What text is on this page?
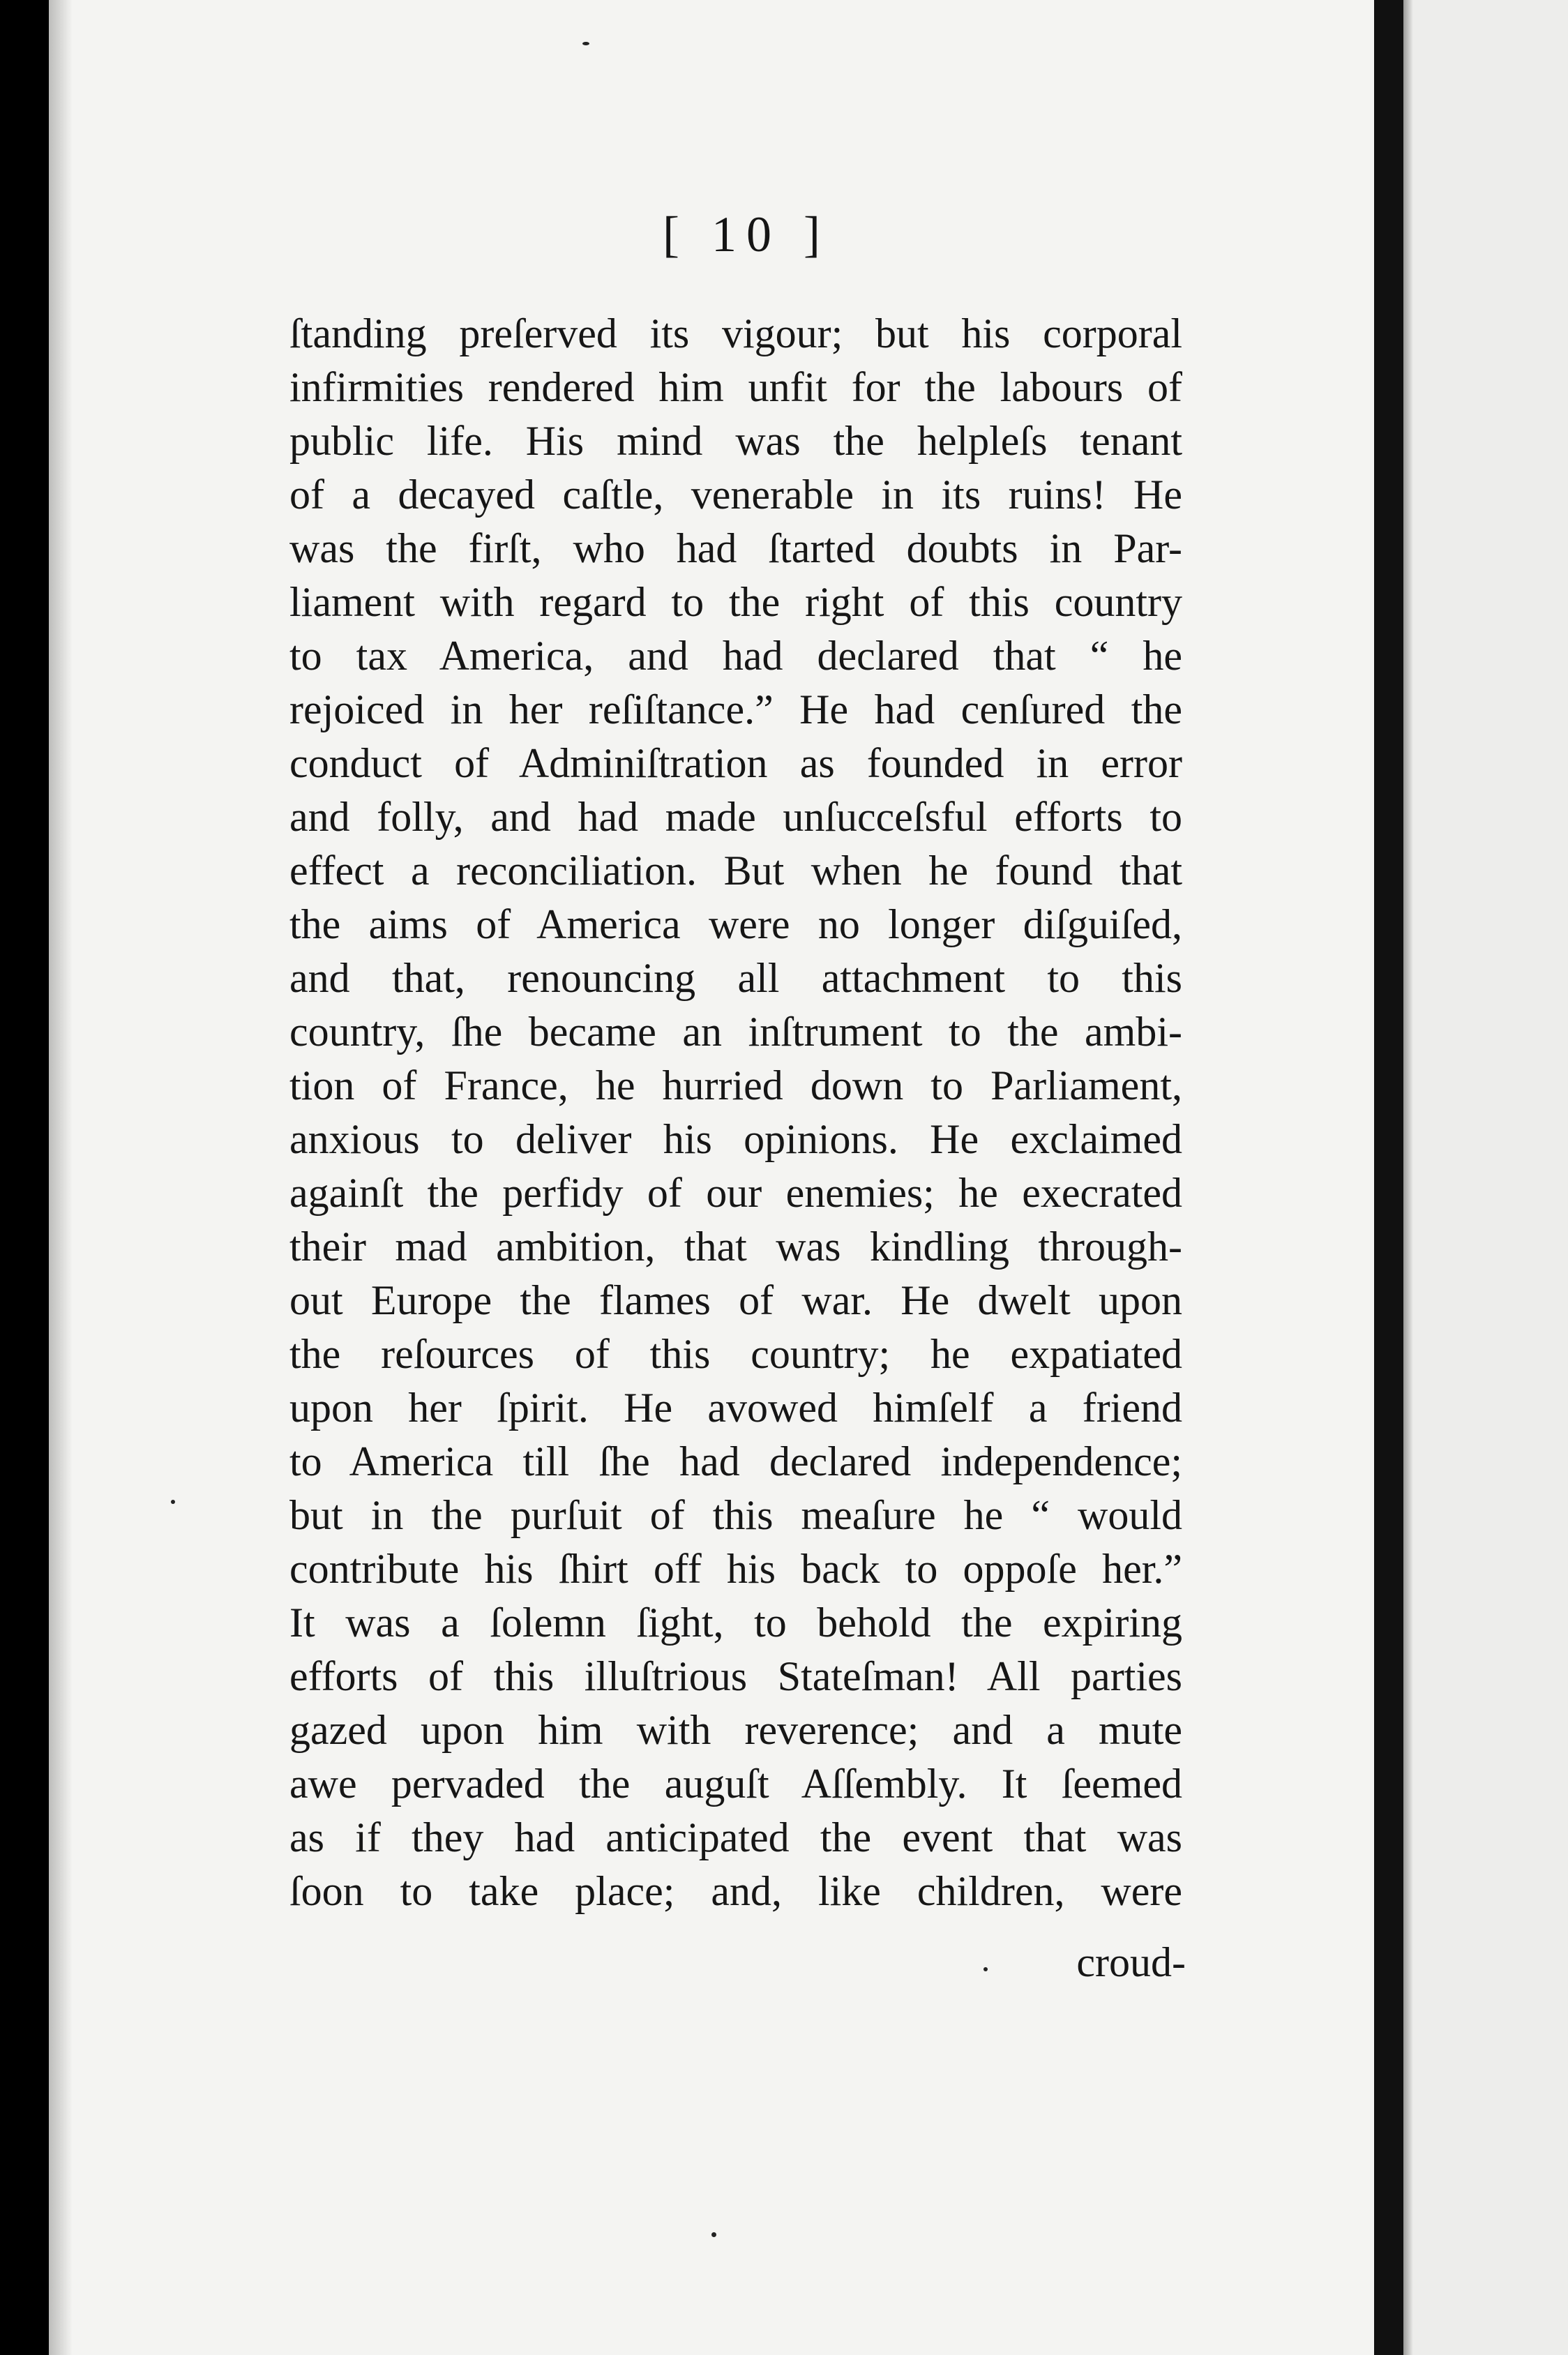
[ 10 ]
ſtanding preſerved its vigour; but his corporal
infirmities rendered him unfit for the labours of
public life. His mind was the helpleſs tenant
of a decayed caſtle, venerable in its ruins! He
was the firſt, who had ſtarted doubts in Par-
liament with regard to the right of this country
to tax America, and had declared that “ he
rejoiced in her reſiſtance.” He had cenſured the
conduct of Adminiſtration as founded in error
and folly, and had made unſucceſsful efforts to
effect a reconciliation. But when he found that
the aims of America were no longer diſguiſed,
and that, renouncing all attachment to this
country, ſhe became an inſtrument to the ambi-
tion of France, he hurried down to Parliament,
anxious to deliver his opinions. He exclaimed
againſt the perfidy of our enemies; he execrated
their mad ambition, that was kindling through-
out Europe the flames of war. He dwelt upon
the reſources of this country; he expatiated
upon her ſpirit. He avowed himſelf a friend
to America till ſhe had declared independence;
but in the purſuit of this meaſure he “ would
contribute his ſhirt off his back to oppoſe her.”
It was a ſolemn ſight, to behold the expiring
efforts of this illuſtrious Stateſman! All parties
gazed upon him with reverence; and a mute
awe pervaded the auguſt Aſſembly. It ſeemed
as if they had anticipated the event that was
ſoon to take place; and, like children, were
croud-
